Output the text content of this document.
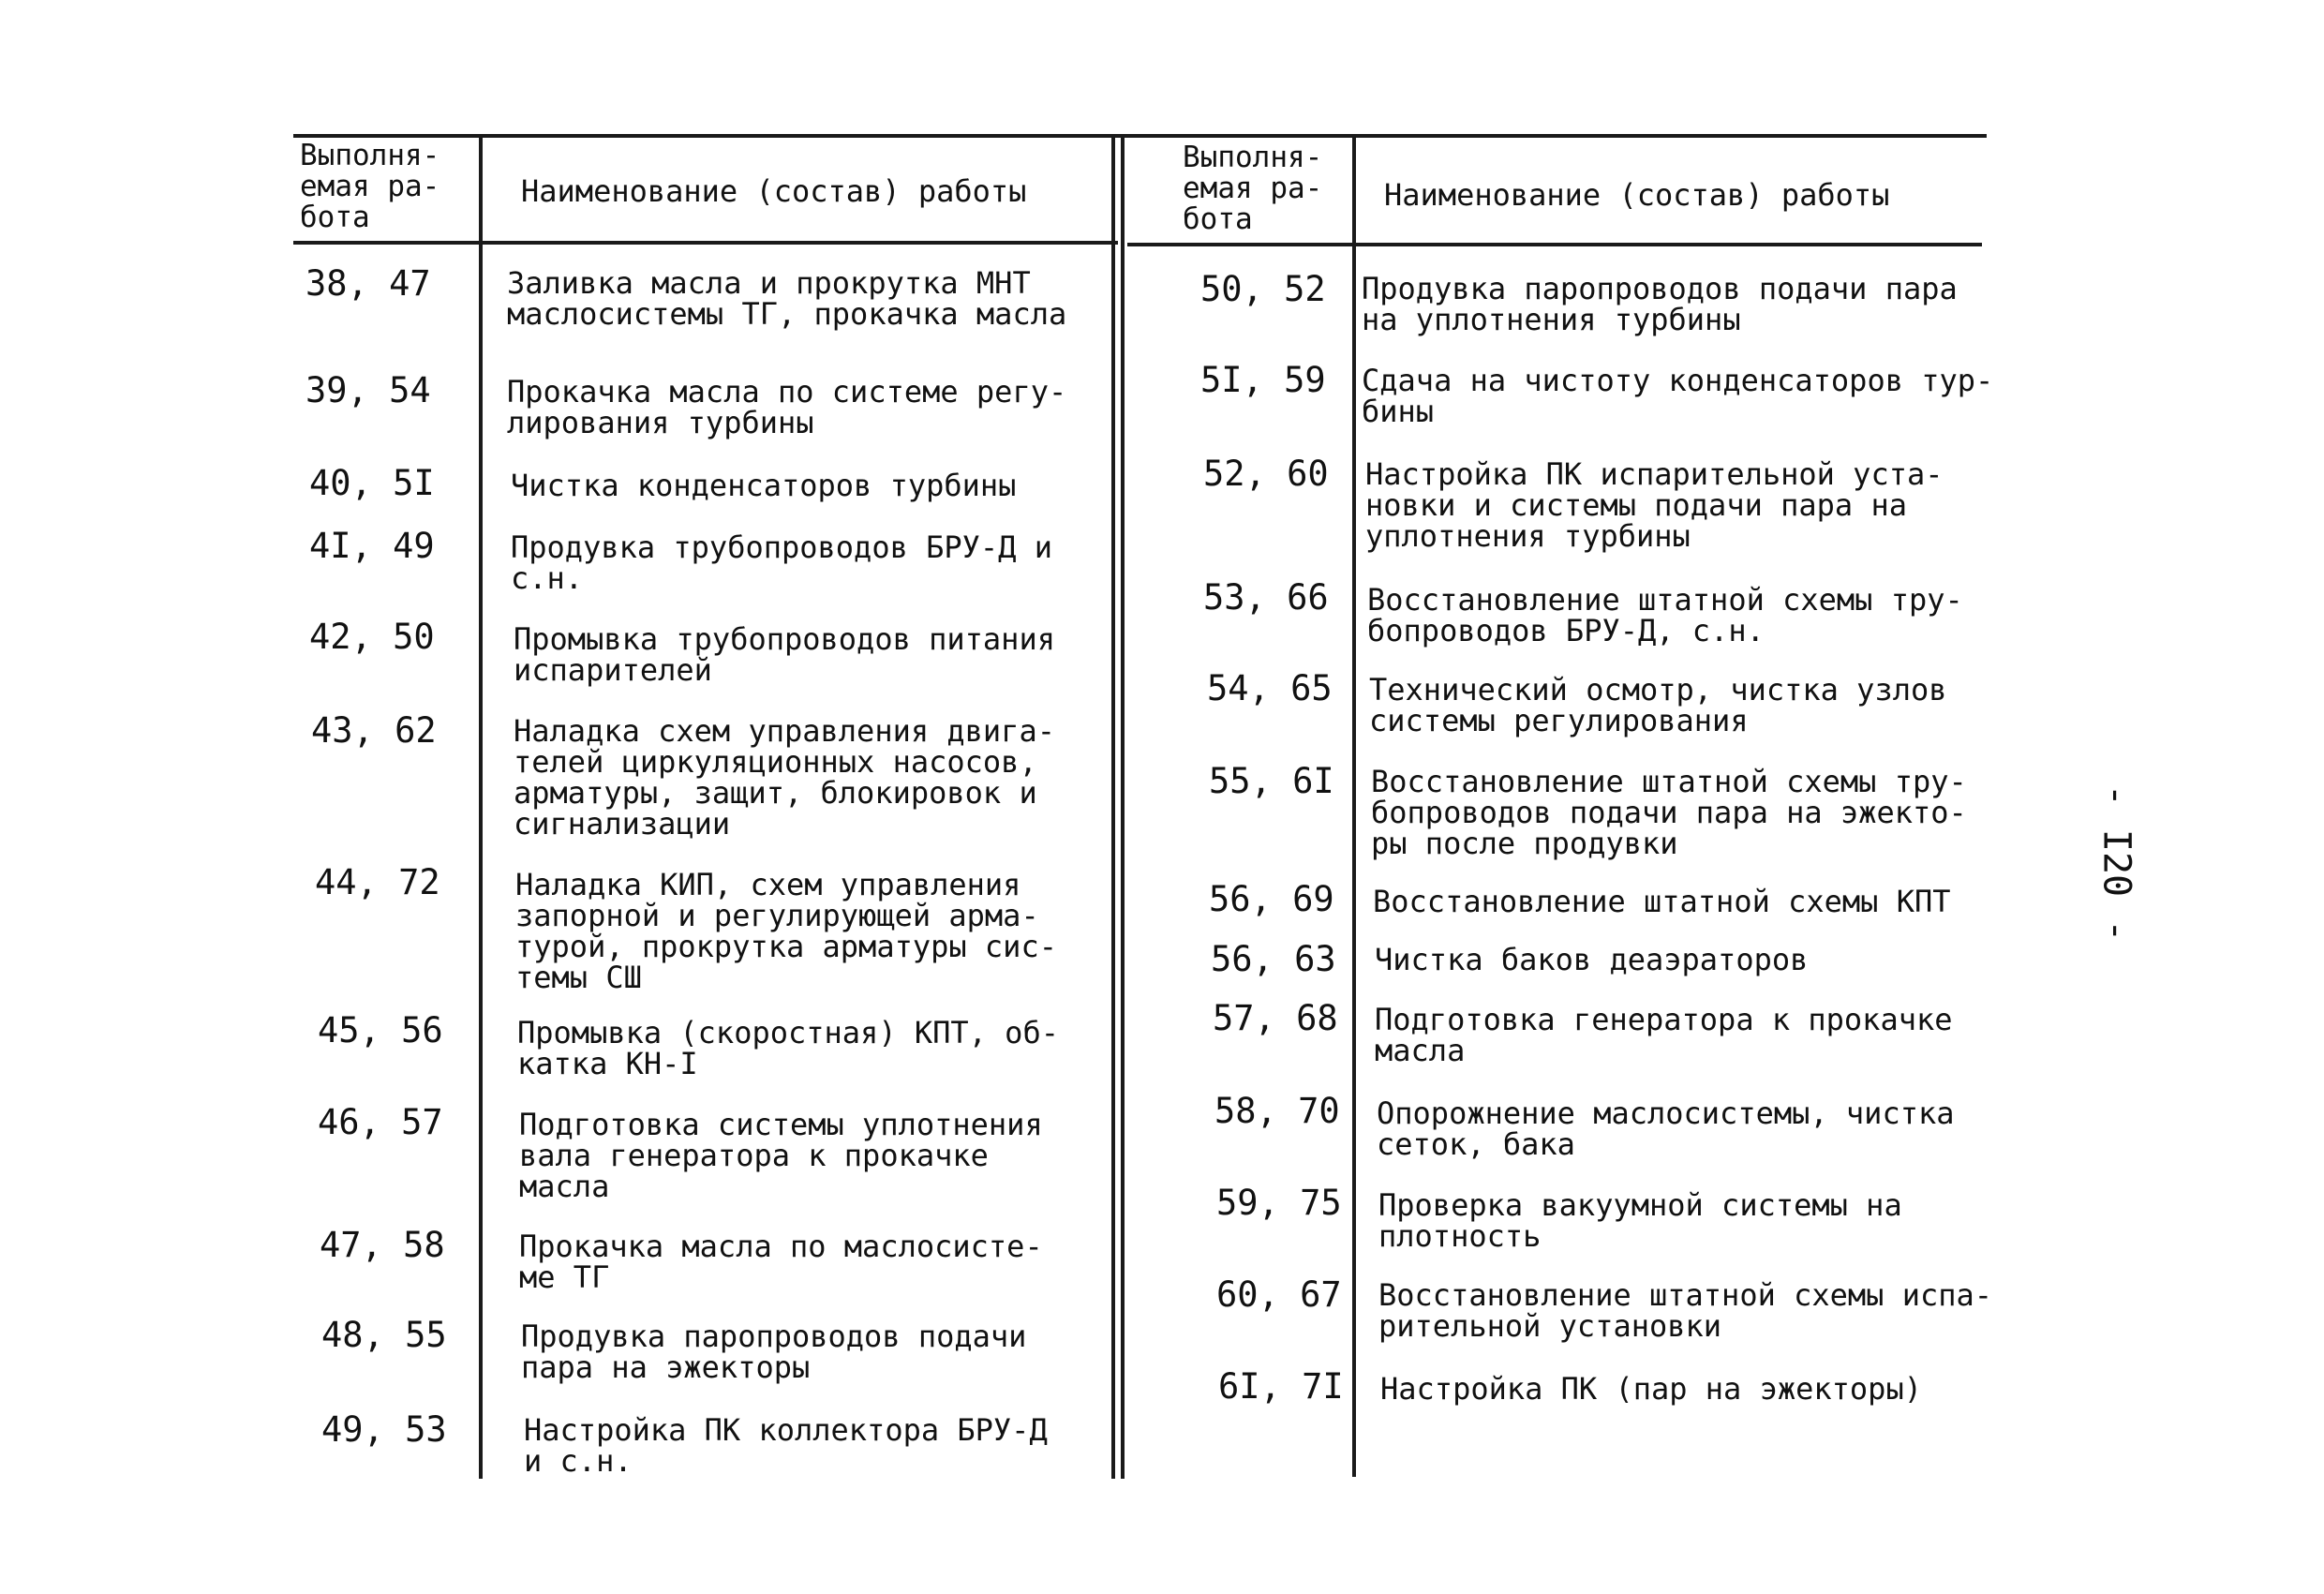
Выполня-
емая ра-
бота
Наименование (состав) работы
Выполня-
емая ра-
бота
Наименование (состав) работы
38, 47	Заливка масла и прокрутка МНТ
маслосистемы ТГ, прокачка масла
39, 54	Прокачка масла по системе регу-
лирования турбины
40, 5I	Чистка конденсаторов турбины
4I, 49	Продувка трубопроводов БРУ-Д и
с.н.
42, 50	Промывка трубопроводов питания
испарителей
43, 62	Наладка схем управления двига-
телей циркуляционных насосов,
арматуры, защит, блокировок и
сигнализации
44, 72	Наладка КИП, схем управления
запорной и регулирующей арма-
турой, прокрутка арматуры сис-
темы СШ
45, 56 Промывка (скоростная) КПТ, об-
катка КН-I
46, 57	Подготовка системы уплотнения
вала генератора к прокачке
масла
47, 58 Прокачка масла по маслосисте-
ме ТГ
48, 55 Продувка паропроводов подачи
пара на эжекторы
49, 53	Настройка ПК коллектора БРУ-Д
и с.н.
50, 52 Продувка паропроводов подачи пара
на уплотнения турбины
5I, 59 Сдача на чистоту конденсаторов тур-
бины
52, 60 Настройка ПК испарительной уста-
новки и системы подачи пара на
уплотнения турбины
53, 66 Восстановление штатной схемы тру-
бопроводов БРУ-Д, с.н.
54, 65 Технический осмотр, чистка узлов
системы регулирования
55, 6I Восстановление штатной схемы тру-
бопроводов подачи пара на эжекто-
ры после продувки
56, 69 Восстановление штатной схемы КПТ
56, 63 Чистка баков деаэраторов
57, 68 Подготовка генератора к прокачке
масла
58, 70 Опорожнение маслосистемы, чистка
сеток, бака
59, 75 Проверка вакуумной системы на
плотность
60, 67 Восстановление штатной схемы испа-
рительной установки
6I, 7I Настройка ПК (пар на эжекторы)
- I20 -
